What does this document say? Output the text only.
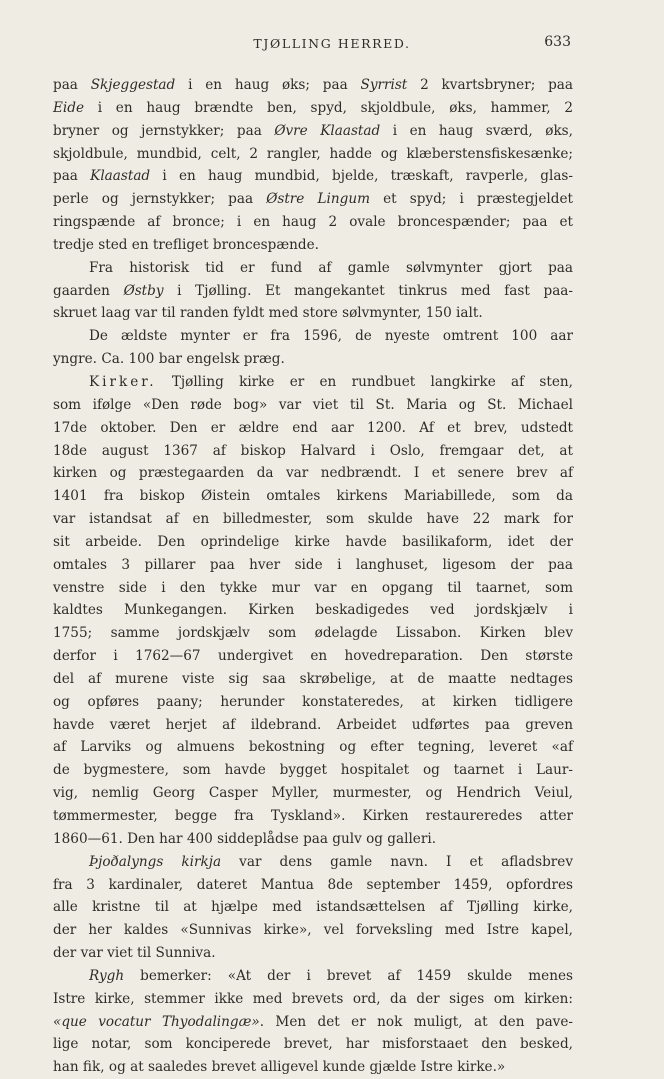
TJØLLING HERRED.	633

paa Skjeggestad i en haug øks; paa Syrrist 2 kvartsbryner; paa

Eide i en haug brændte ben, spyd, skjoldbule, øks, hammer, 2

bryner og jernstykker; paa Øvre Klaastad i en haug sværd, øks,

skjoldbule, mundbid, celt, 2 rangler, hadde og klæberstensfiskesænke;

paa Klaastad i en haug mundbid, bjelde, træskaft, ravperle, glas-

perle og jernstykker; paa Østre Lingum et spyd; i præstegjeldet

ringspænde af bronce; i en haug 2 ovale broncespænder; paa et

tredje sted en trefliget broncespænde.

Fra historisk tid er fund af gamle sølvmynter gjort paa

gaarden Østby i Tjølling. Et mangekantet tinkrus med fast paa-

skruet laag var til randen fyldt med store sølvmynter, 150 ialt.

De ældste mynter er fra 1596, de nyeste omtrent 100 aar

yngre. Ca. 100 bar engelsk præg.

Kirker. Tjølling kirke er en rundbuet langkirke af sten,

som ifølge «Den røde bog» var viet til St. Maria og St. Michael

17de oktober. Den er ældre end aar 1200. Af et brev, udstedt

18de august 1367 af biskop Halvard i Oslo, fremgaar det, at

kirken og præstegaarden da var nedbrændt. I et senere brev af

1401 fra biskop Øistein omtales kirkens Mariabillede, som da

var istandsat af en billedmester, som skulde have 22 mark for

sit arbeide. Den oprindelige kirke havde basilikaform, idet der

omtales 3 pillarer paa hver side i langhuset, ligesom der paa

venstre side i den tykke mur var en opgang til taarnet, som

kaldtes Munkegangen. Kirken beskadigedes ved jordskjælv i

1755; samme jordskjælv som ødelagde Lissabon. Kirken blev

derfor i 1762—67 undergivet en hovedreparation. Den største

del af murene viste sig saa skrøbelige, at de maatte nedtages

og opføres paany; herunder konstateredes, at kirken tidligere

havde været herjet af ildebrand. Arbeidet udførtes paa greven

af Larviks og almuens bekostning og efter tegning, leveret «af

de bygmestere, som havde bygget hospitalet og taarnet i Laur-

vig, nemlig Georg Casper Myller, murmester, og Hendrich Veiul,

tømmermester, begge fra Tyskland». Kirken restaureredes atter

1860—61. Den har 400 siddeplådse paa gulv og galleri.

Þjoðalyngs kirkja var dens gamle navn. I et afladsbrev

fra 3 kardinaler, dateret Mantua 8de september 1459, opfordres

alle kristne til at hjælpe med istandsættelsen af Tjølling kirke,

der her kaldes «Sunnivas kirke», vel forveksling med Istre kapel,

der var viet til Sunniva.

Rygh bemerker: «At der i brevet af 1459 skulde menes

Istre kirke, stemmer ikke med brevets ord, da der siges om kirken:

«que vocatur Thyodalingæ». Men det er nok muligt, at den pave-

lige notar, som konciperede brevet, har misforstaaet den besked,

han fik, og at saaledes brevet alligevel kunde gjælde Istre kirke.»
